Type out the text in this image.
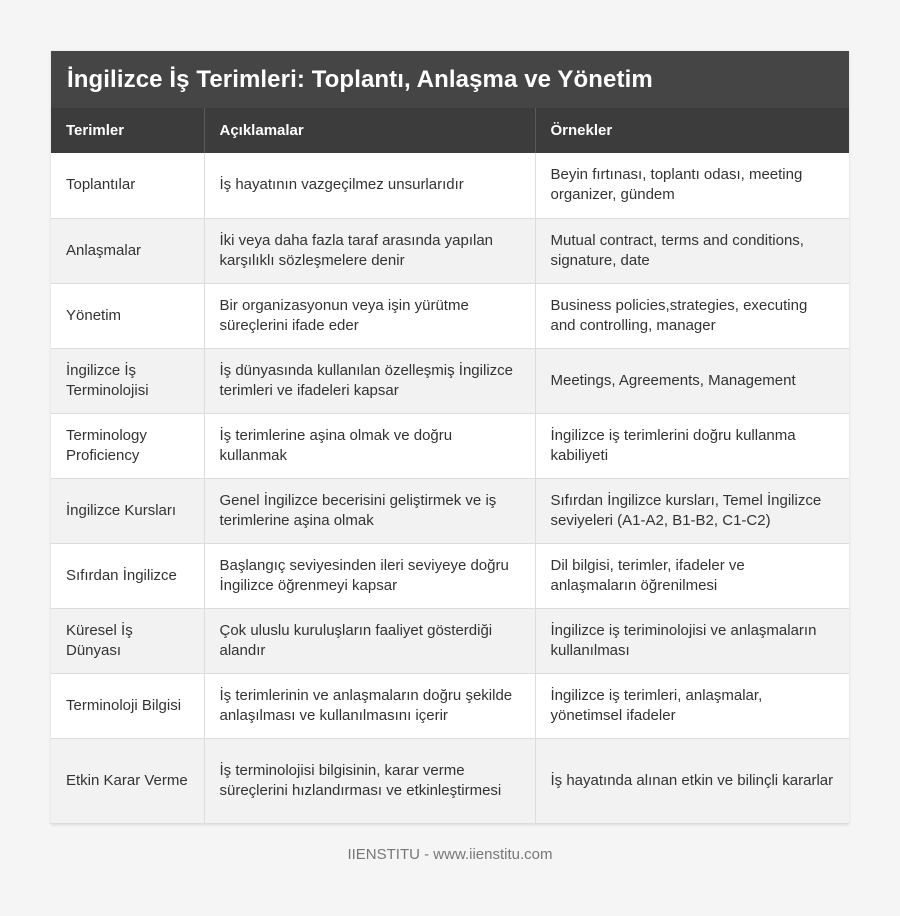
İngilizce İş Terimleri: Toplantı, Anlaşma ve Yönetim
Terimler	Açıklamalar	Örnekler
Toplantılar	İş hayatının vazgeçilmez unsurlarıdır	Beyin fırtınası, toplantı odası, meeting organizer, gündem
Anlaşmalar	İki veya daha fazla taraf arasında yapılan karşılıklı sözleşmelere denir	Mutual contract, terms and conditions, signature, date
Yönetim	Bir organizasyonun veya işin yürütme süreçlerini ifade eder	Business policies,strategies, executing and controlling, manager
İngilizce İş Terminolojisi	İş dünyasında kullanılan özelleşmiş İngilizce terimleri ve ifadeleri kapsar	Meetings, Agreements, Management
Terminology Proficiency	İş terimlerine aşina olmak ve doğru kullanmak	İngilizce iş terimlerini doğru kullanma kabiliyeti
İngilizce Kursları	Genel İngilizce becerisini geliştirmek ve iş terimlerine aşina olmak	Sıfırdan İngilizce kursları, Temel İngilizce seviyeleri (A1-A2, B1-B2, C1-C2)
Sıfırdan İngilizce	Başlangıç seviyesinden ileri seviyeye doğru İngilizce öğrenmeyi kapsar	Dil bilgisi, terimler, ifadeler ve anlaşmaların öğrenilmesi
Küresel İş Dünyası	Çok uluslu kuruluşların faaliyet gösterdiği alandır	İngilizce iş teriminolojisi ve anlaşmaların kullanılması
Terminoloji Bilgisi	İş terimlerinin ve anlaşmaların doğru şekilde anlaşılması ve kullanılmasını içerir	İngilizce iş terimleri, anlaşmalar, yönetimsel ifadeler
Etkin Karar Verme	İş terminolojisi bilgisinin, karar verme süreçlerini hızlandırması ve etkinleştirmesi	İş hayatında alınan etkin ve bilinçli kararlar
IIENSTITU - www.iienstitu.com
